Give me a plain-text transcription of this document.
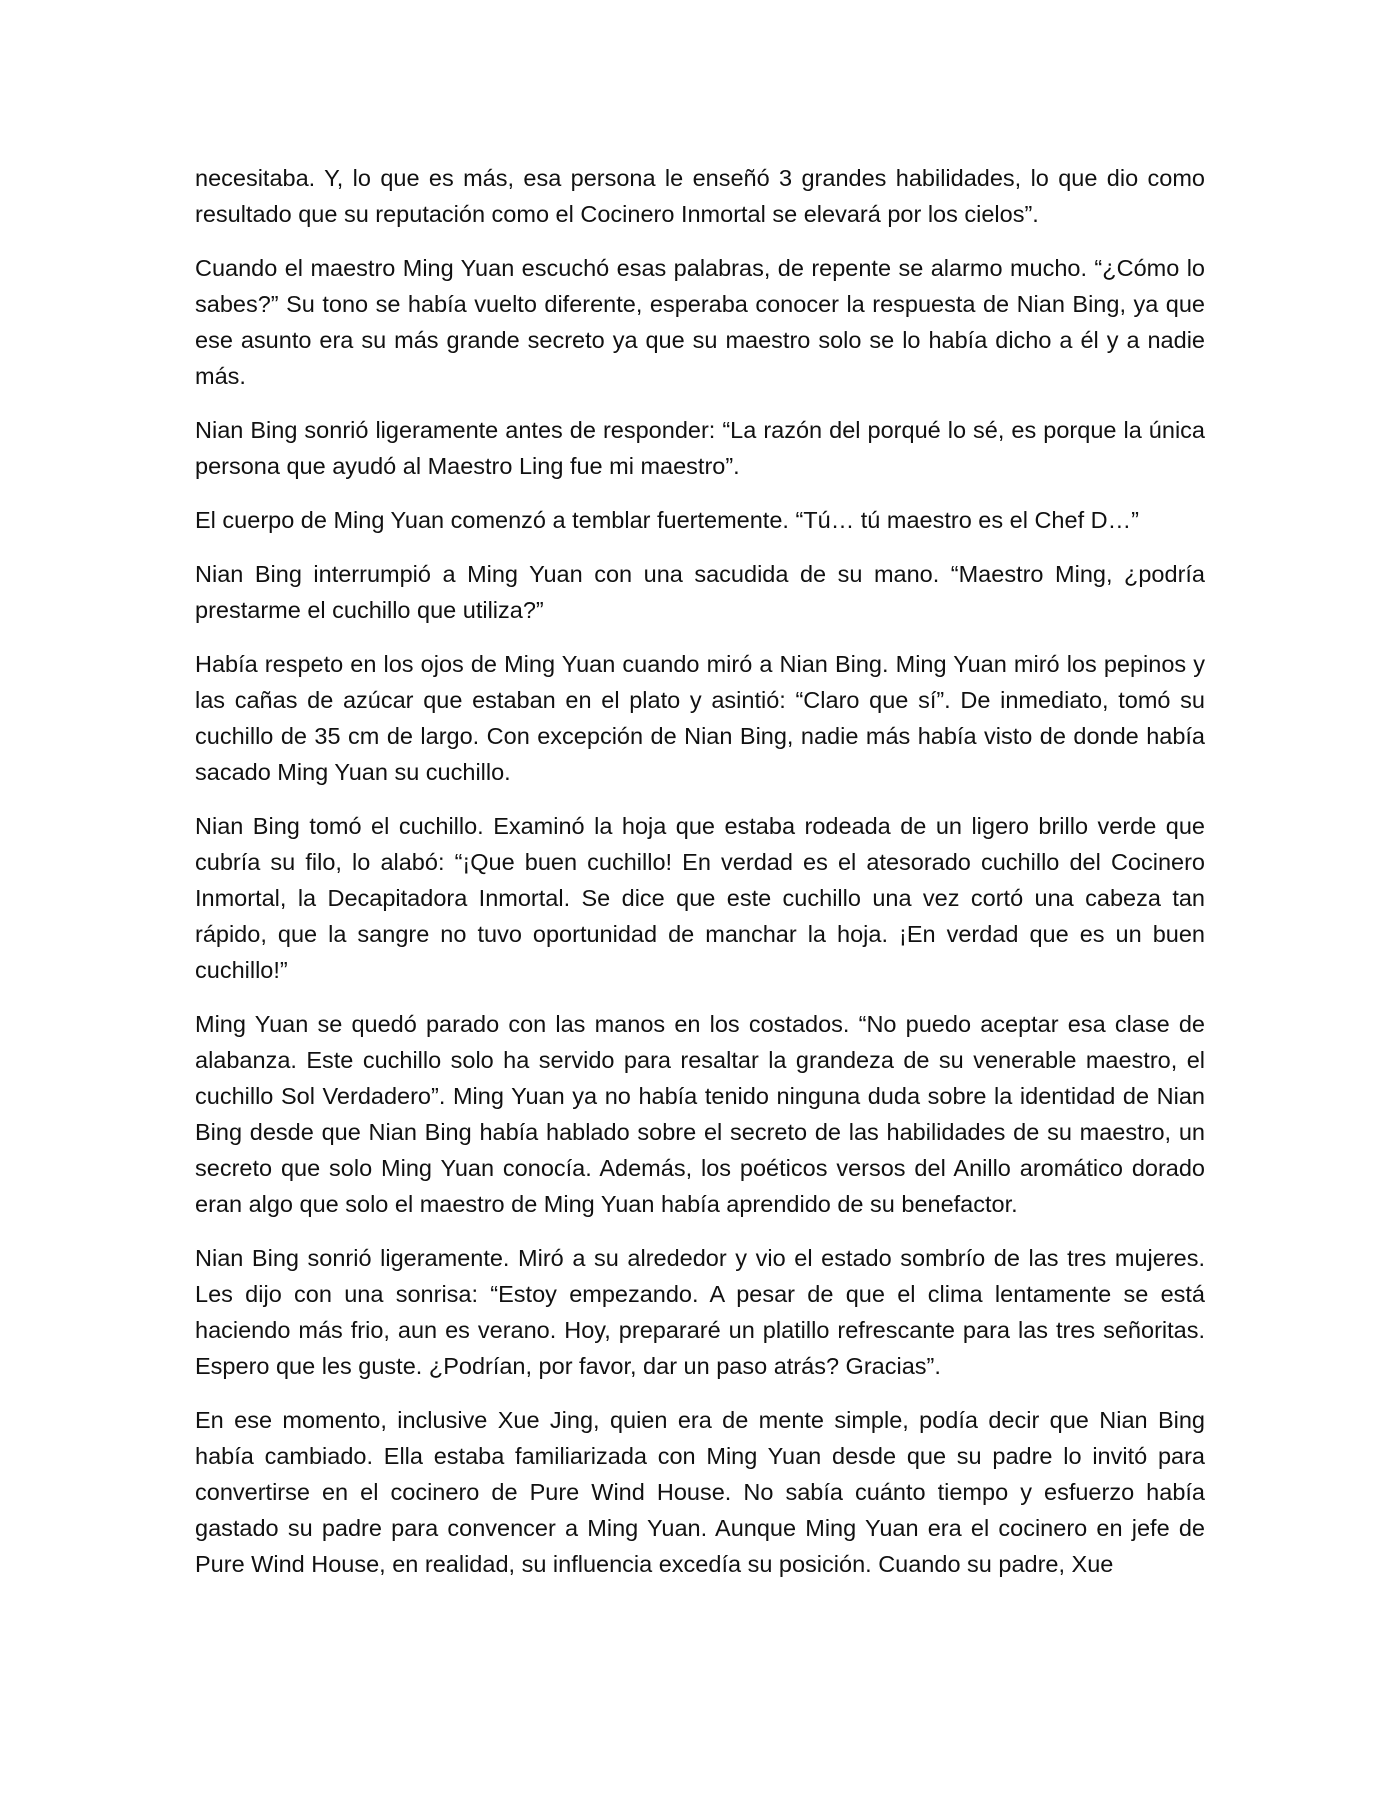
necesitaba. Y, lo que es más, esa persona le enseñó 3 grandes habilidades, lo que dio como resultado que su reputación como el Cocinero Inmortal se elevará por los cielos”.

Cuando el maestro Ming Yuan escuchó esas palabras, de repente se alarmo mucho. “¿Cómo lo sabes?” Su tono se había vuelto diferente, esperaba conocer la respuesta de Nian Bing, ya que ese asunto era su más grande secreto ya que su maestro solo se lo había dicho a él y a nadie más.

Nian Bing sonrió ligeramente antes de responder: “La razón del porqué lo sé, es porque la única persona que ayudó al Maestro Ling fue mi maestro”.

El cuerpo de Ming Yuan comenzó a temblar fuertemente. “Tú… tú maestro es el Chef D…”

Nian Bing interrumpió a Ming Yuan con una sacudida de su mano. “Maestro Ming, ¿podría prestarme el cuchillo que utiliza?”

Había respeto en los ojos de Ming Yuan cuando miró a Nian Bing. Ming Yuan miró los pepinos y las cañas de azúcar que estaban en el plato y asintió: “Claro que sí”. De inmediato, tomó su cuchillo de 35 cm de largo. Con excepción de Nian Bing, nadie más había visto de donde había sacado Ming Yuan su cuchillo.

Nian Bing tomó el cuchillo. Examinó la hoja que estaba rodeada de un ligero brillo verde que cubría su filo, lo alabó: “¡Que buen cuchillo! En verdad es el atesorado cuchillo del Cocinero Inmortal, la Decapitadora Inmortal. Se dice que este cuchillo una vez cortó una cabeza tan rápido, que la sangre no tuvo oportunidad de manchar la hoja. ¡En verdad que es un buen cuchillo!”

Ming Yuan se quedó parado con las manos en los costados. “No puedo aceptar esa clase de alabanza. Este cuchillo solo ha servido para resaltar la grandeza de su venerable maestro, el cuchillo Sol Verdadero”. Ming Yuan ya no había tenido ninguna duda sobre la identidad de Nian Bing desde que Nian Bing había hablado sobre el secreto de las habilidades de su maestro, un secreto que solo Ming Yuan conocía. Además, los poéticos versos del Anillo aromático dorado eran algo que solo el maestro de Ming Yuan había aprendido de su benefactor.

Nian Bing sonrió ligeramente. Miró a su alrededor y vio el estado sombrío de las tres mujeres. Les dijo con una sonrisa: “Estoy empezando. A pesar de que el clima lentamente se está haciendo más frio, aun es verano. Hoy, prepararé un platillo refrescante para las tres señoritas. Espero que les guste. ¿Podrían, por favor, dar un paso atrás? Gracias”.

En ese momento, inclusive Xue Jing, quien era de mente simple, podía decir que Nian Bing había cambiado. Ella estaba familiarizada con Ming Yuan desde que su padre lo invitó para convertirse en el cocinero de Pure Wind House. No sabía cuánto tiempo y esfuerzo había gastado su padre para convencer a Ming Yuan. Aunque Ming Yuan era el cocinero en jefe de Pure Wind House, en realidad, su influencia excedía su posición. Cuando su padre, Xue
